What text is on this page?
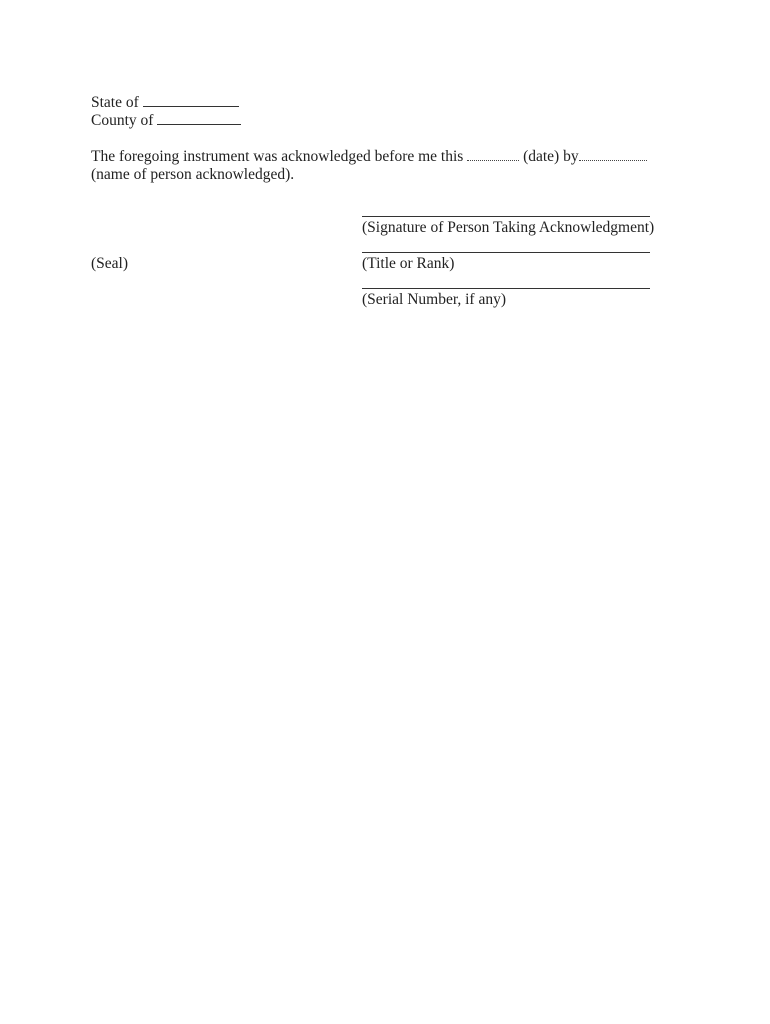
State of
County of
The foregoing instrument was acknowledged before me this	(date) by
(name of person acknowledged).
(Signature of Person Taking Acknowledgment)
(Seal)	(Title or Rank)
(Serial Number, if any)
